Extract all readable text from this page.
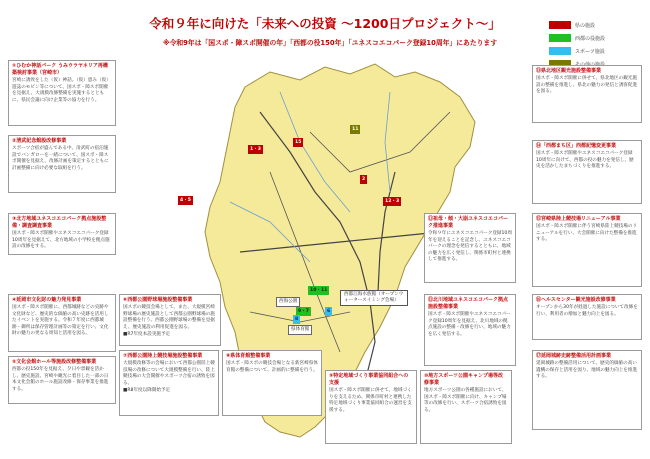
令和９年に向けた「未来への投資 ～1200日プロジェクト～」
※令和9年は「国スポ・障スポ開催の年」「西都の役150年」「ユネスコエコパーク登録10周年」にあたります
県の施設
西都の役施設
スポーツ施設
1・3
15
11
4・5	12・3
2
9・7
10・11
8
6
西海公園
県体育館
西都江海水族館（オープンウォータースイミング会場）
①ひむか神話パーク うみウラヤネリア再構築検討事業（宮崎市）
宮崎に誘致をした（仮）神話。（仮）恵み（仮）遊誌のモビン等について、国スポ・障スポ開催を見据え、大規模改修整備を実施するとともに、県民会議に向け企業等の協力を行う。
②清武記念館設改修事業
スポーツ合宿が盛んである中、清武町の宿泊施設でバンガローを一緒について、国スポ・障スポ開催を見据え、改修計画を策定するとともに計画整備に向け必要な取組を行う。
③北方地域ユネスコエコパーク拠点施設整備・調査調査事業
国スポ・障スポ開催やユネスコエコパーク登録10周年を見据えて、北方地域の小学校を拠点施設の改修をする。
④延岡市文化財の魅力発見事業
国スポ・障スポ開催に、西都城跡などの史跡や文化財など、歴史的な価値の高い史跡を活用したイベントを実施する。令和７年度に西都城跡・御所は保存管理計画等の策定を行い、文化財の魅力の更なる周知と活用を図る。
⑤文化会館ホール等施設改修整備事業
西都の役150年を見据え、夕日や景観を活かし、歴史施設、宮崎や観光に着目した一部の日本文化会館のホール施設改修・保存事業を推進する。
⑥西都公園野球場施設整備事業
国スポの競技会場として、また、大規模宮崎野球場の歴史施設として西都公園野球場の施設整備を行う。西都公園野球場の整備を見据え、歴史施設の利用促進を図る。
■R7年度本設実施予定
⑦西都公園陸上競技場施設整備事業
大規模改修等の会場において西都公園陸上競技場の改修について大規模整備を行い、陸上競技場の大会開催やスポーツ合宿の誘致を図る。
■R8年度以降開始予定
⑧県体育館整備事業
国スポ・障スポの競技会場となる新宮崎県体育館の整備について、計画的に整備を行う。
⑨特定地域づくり事業協同組合への支援
国スポ・障スポ開催に併せて、地域づくりを支えるため、関係市町村と連携した特定地域づくり事業協同組合の運営を支援する。
⑩地方スポーツ公園キャンプ場等改修事業
地方スポーツ公園の各種施設において、国スポ・障スポ開催に向け、キャンプ場等の改修を行い、スポーツ合宿誘致を図る。
⑪祖母・傾・大崩ユネスコエコパーク推進事業
令和９年にユネスコエコパーク登録10周年を迎えることを記念し、ユネスコエコパークの理念を発信するとともに、地域の魅力を広く発信し、関係市町村と連携して推進する。
⑫北川地域ユネスコエコパーク拠点施設整備事業
国スポ・障スポ開催やユネスコエコパーク登録10周年を見据え、北川地域の拠点施設の整備・改修を行い、地域の魅力を広く発信する。
⑬県北地区観光施設整備事業
国スポ・障スポ開催に併せて、県北地区の観光施設の整備を推進し、県北の魅力の発信と誘客促進を図る。
⑭「西都まち区」西都記憶変更事業
国スポ・障スポ開催やユネスコエコパーク登録10周年に向けて、西都の役の魅力を発信し、歴史を活かしたまちづくりを推進する。
⑮宮崎県陸上競技場リニューアル事業
国スポ・障スポ開催に伴う宮崎県陸上競技場のリニューアルを行い、大会開催に向けた整備を推進する。
⑯ヘルスセンター観光施設改修事業
オープンから30年が経過した施設について改修を行い、利用者の増加と魅力向上を図る。
⑰延岡城跡史跡整備活用計画事業
延岡城跡の整備活用について、歴史的価値の高い遺構の保存と活用を図り、地域の魅力向上を推進する。
